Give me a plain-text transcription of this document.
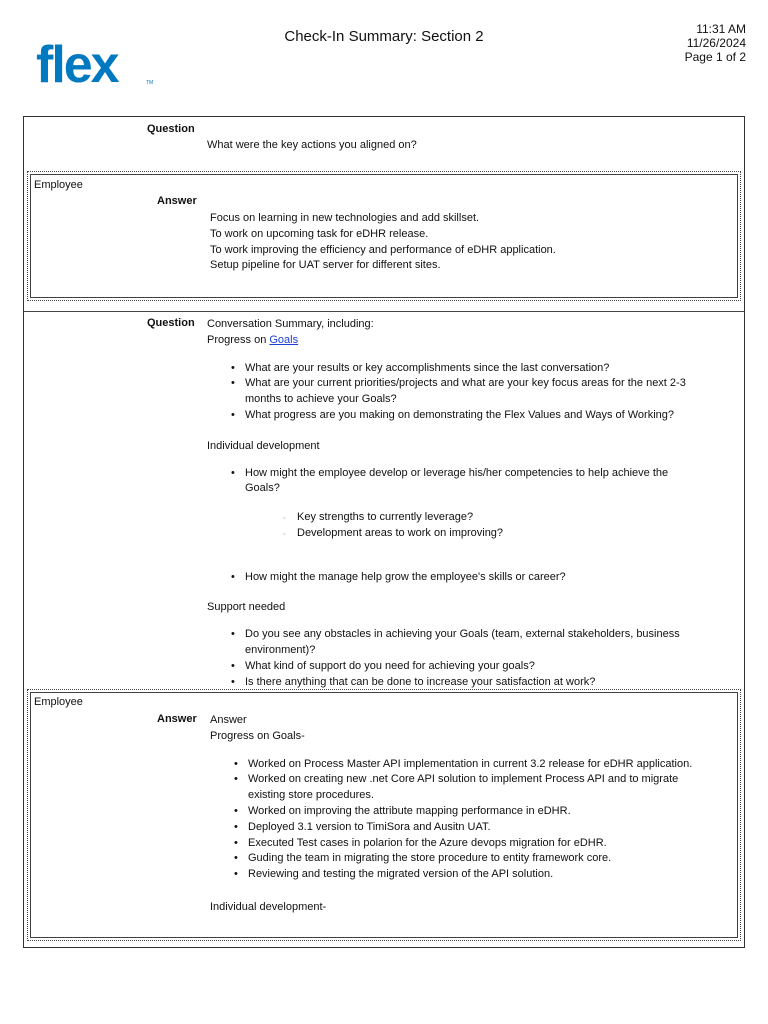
flex	TM
Check-In Summary: Section 2	11:31 AM
11/26/2024
Page 1 of 2
Question
What were the key actions you aligned on?
Employee
Answer
Focus on learning in new technologies and add skillset.
To work on upcoming task for eDHR release.
To work improving the efficiency and performance of eDHR application.
Setup pipeline for UAT server for different sites.
Question Conversation Summary, including:
Progress on Goals
• What are your results or key accomplishments since the last conversation?
• What are your current priorities/projects and what are your key focus areas for the next 2-3 months to achieve your Goals?
• What progress are you making on demonstrating the Flex Values and Ways of Working?
Individual development
• How might the employee develop or leverage his/her competencies to help achieve the Goals?
◦ Key strengths to currently leverage?
◦ Development areas to work on improving?
• How might the manage help grow the employee's skills or career?
Support needed
• Do you see any obstacles in achieving your Goals (team, external stakeholders, business environment)?
• What kind of support do you need for achieving your goals?
• Is there anything that can be done to increase your satisfaction at work?
Employee
Answer Answer
Progress on Goals-
• Worked on Process Master API implementation in current 3.2 release for eDHR application.
• Worked on creating new .net Core API solution to implement Process API and to migrate existing store procedures.
• Worked on improving the attribute mapping performance in eDHR.
• Deployed 3.1 version to TimiSora and Ausitn UAT.
• Executed Test cases in polarion for the Azure devops migration for eDHR.
• Guding the team in migrating the store procedure to entity framework core.
• Reviewing and testing the migrated version of the API solution.
Individual development-
